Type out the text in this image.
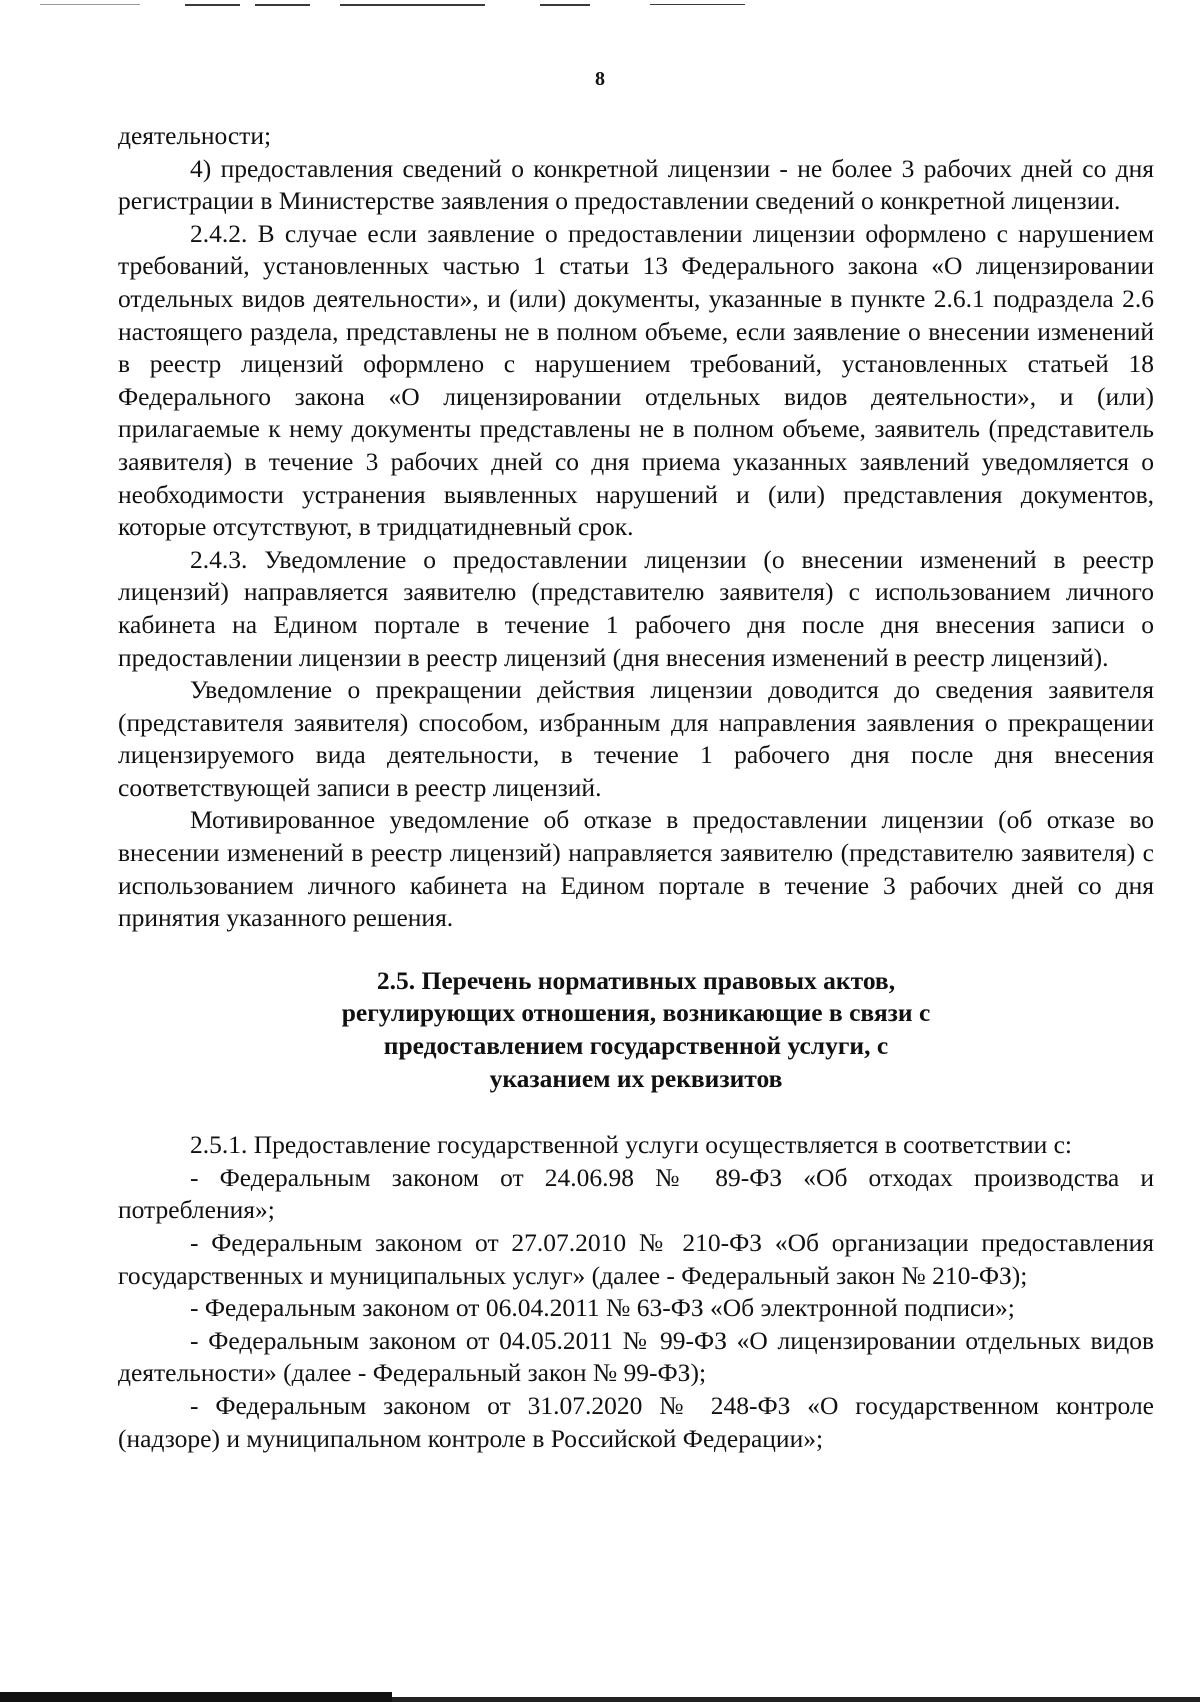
8

деятельности;

4) предоставления сведений о конкретной лицензии - не более 3 рабочих дней со дня регистрации в Министерстве заявления о предоставлении сведений о конкретной лицензии.

2.4.2. В случае если заявление о предоставлении лицензии оформлено с нарушением требований, установленных частью 1 статьи 13 Федерального закона «О лицензировании отдельных видов деятельности», и (или) документы, указанные в пункте 2.6.1 подраздела 2.6 настоящего раздела, представлены не в полном объеме, если заявление о внесении изменений в реестр лицензий оформлено с нарушением требований, установленных статьей 18 Федерального закона «О лицензировании отдельных видов деятельности», и (или) прилагаемые к нему документы представлены не в полном объеме, заявитель (представитель заявителя) в течение 3 рабочих дней со дня приема указанных заявлений уведомляется о необходимости устранения выявленных нарушений и (или) представления документов, которые отсутствуют, в тридцатидневный срок.

2.4.3. Уведомление о предоставлении лицензии (о внесении изменений в реестр лицензий) направляется заявителю (представителю заявителя) с использованием личного кабинета на Едином портале в течение 1 рабочего дня после дня внесения записи о предоставлении лицензии в реестр лицензий (дня внесения изменений в реестр лицензий).

Уведомление о прекращении действия лицензии доводится до сведения заявителя (представителя заявителя) способом, избранным для направления заявления о прекращении лицензируемого вида деятельности, в течение 1 рабочего дня после дня внесения соответствующей записи в реестр лицензий.

Мотивированное уведомление об отказе в предоставлении лицензии (об отказе во внесении изменений в реестр лицензий) направляется заявителю (представителю заявителя) с использованием личного кабинета на Едином портале в течение 3 рабочих дней со дня принятия указанного решения.

2.5. Перечень нормативных правовых актов,
регулирующих отношения, возникающие в связи с
предоставлением государственной услуги, с
указанием их реквизитов

2.5.1. Предоставление государственной услуги осуществляется в соответствии с:

- Федеральным законом от 24.06.98 № 89-ФЗ «Об отходах производства и потребления»;

- Федеральным законом от 27.07.2010 № 210-ФЗ «Об организации предоставления государственных и муниципальных услуг» (далее - Федеральный закон № 210-ФЗ);

- Федеральным законом от 06.04.2011 № 63-ФЗ «Об электронной подписи»;

- Федеральным законом от 04.05.2011 № 99-ФЗ «О лицензировании отдельных видов деятельности» (далее - Федеральный закон № 99-ФЗ);

- Федеральным законом от 31.07.2020 № 248-ФЗ «О государственном контроле (надзоре) и муниципальном контроле в Российской Федерации»;
